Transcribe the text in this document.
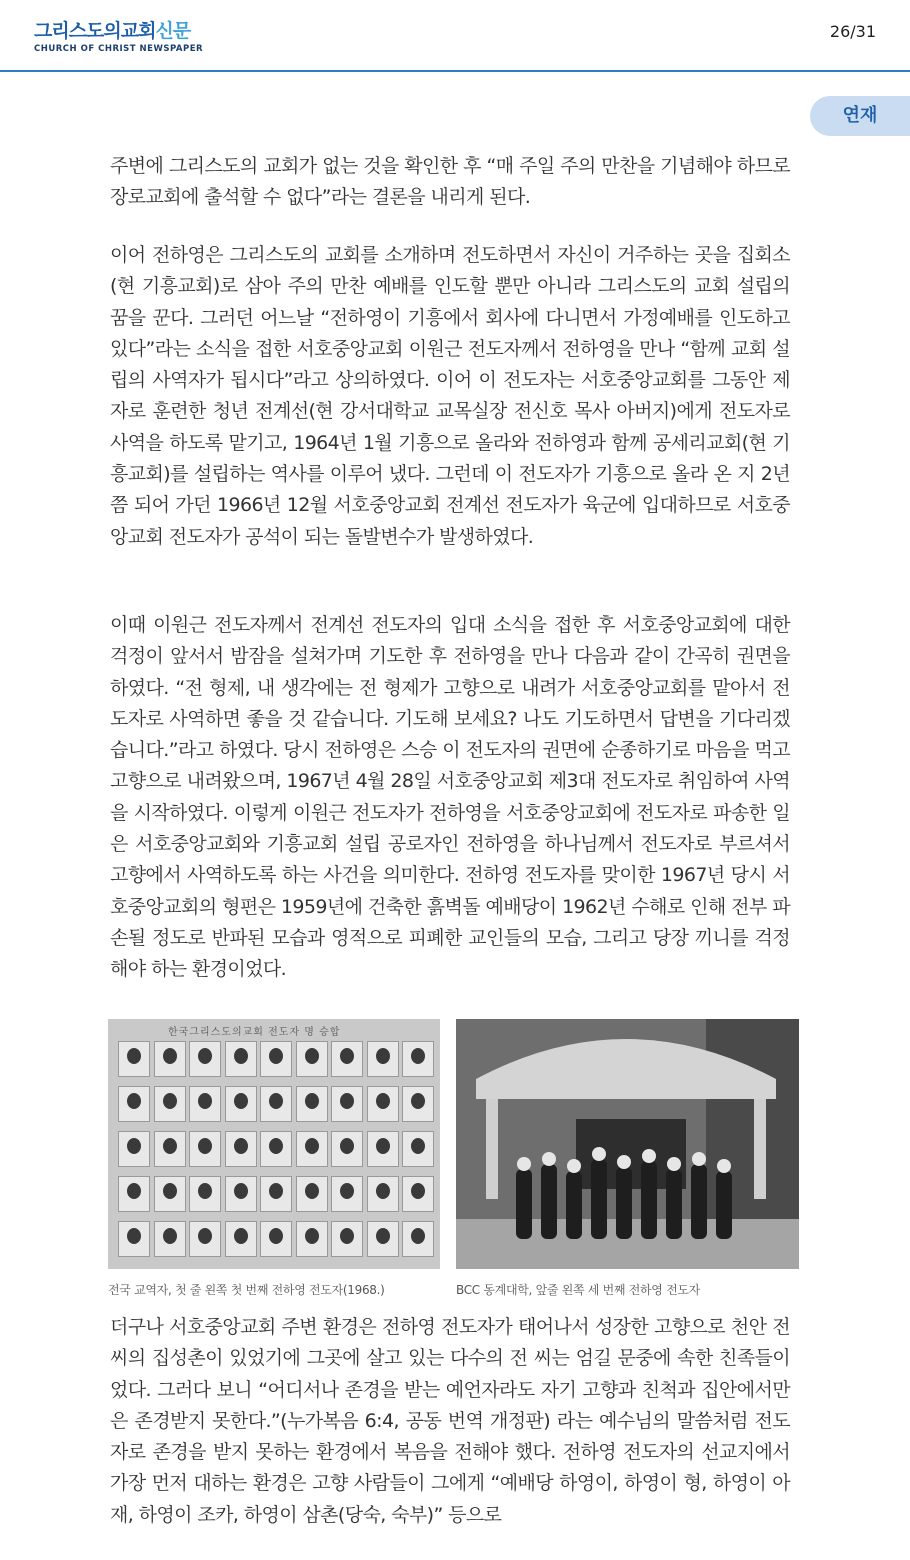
그리스도의교회신문
CHURCH OF CHRIST NEWSPAPER
26/31
연재

주변에 그리스도의 교회가 없는 것을 확인한 후 “매 주일 주의 만찬을 기념해야 하므로 장로교회에 출석할 수 없다”라는 결론을 내리게 된다.

이어 전하영은 그리스도의 교회를 소개하며 전도하면서 자신이 거주하는 곳을 집회소(현 기흥교회)로 삼아 주의 만찬 예배를 인도할 뿐만 아니라 그리스도의 교회 설립의 꿈을 꾼다. 그러던 어느날 “전하영이 기흥에서 회사에 다니면서 가정예배를 인도하고 있다”라는 소식을 접한 서호중앙교회 이원근 전도자께서 전하영을 만나 “함께 교회 설립의 사역자가 됩시다”라고 상의하였다. 이어 이 전도자는 서호중앙교회를 그동안 제자로 훈련한 청년 전계선(현 강서대학교 교목실장 전신호 목사 아버지)에게 전도자로 사역을 하도록 맡기고, 1964년 1월 기흥으로 올라와 전하영과 함께 공세리교회(현 기흥교회)를 설립하는 역사를 이루어 냈다. 그런데 이 전도자가 기흥으로 올라 온 지 2년쯤 되어 가던 1966년 12월 서호중앙교회 전계선 전도자가 육군에 입대하므로 서호중앙교회 전도자가 공석이 되는 돌발변수가 발생하였다.

이때 이원근 전도자께서 전계선 전도자의 입대 소식을 접한 후 서호중앙교회에 대한 걱정이 앞서서 밤잠을 설쳐가며 기도한 후 전하영을 만나 다음과 같이 간곡히 권면을 하였다. “전 형제, 내 생각에는 전 형제가 고향으로 내려가 서호중앙교회를 맡아서 전도자로 사역하면 좋을 것 같습니다. 기도해 보세요? 나도 기도하면서 답변을 기다리겠습니다.”라고 하였다. 당시 전하영은 스승 이 전도자의 권면에 순종하기로 마음을 먹고 고향으로 내려왔으며, 1967년 4월 28일 서호중앙교회 제3대 전도자로 취임하여 사역을 시작하였다. 이렇게 이원근 전도자가 전하영을 서호중앙교회에 전도자로 파송한 일은 서호중앙교회와 기흥교회 설립 공로자인 전하영을 하나님께서 전도자로 부르셔서 고향에서 사역하도록 하는 사건을 의미한다. 전하영 전도자를 맞이한 1967년 당시 서호중앙교회의 형편은 1959년에 건축한 흙벽돌 예배당이 1962년 수해로 인해 전부 파손될 정도로 반파된 모습과 영적으로 피폐한 교인들의 모습, 그리고 당장 끼니를 걱정해야 하는 환경이었다.

한국그리스도의교회 전도자 명 승합
전국 교역자, 첫 줄 왼쪽 첫 번째 전하영 전도자(1968.)	BCC 동계대학, 앞줄 왼쪽 세 번째 전하영 전도자

더구나 서호중앙교회 주변 환경은 전하영 전도자가 태어나서 성장한 고향으로 천안 전씨의 집성촌이 있었기에 그곳에 살고 있는 다수의 전 씨는 엄길 문중에 속한 친족들이었다. 그러다 보니 “어디서나 존경을 받는 예언자라도 자기 고향과 친척과 집안에서만은 존경받지 못한다.”(누가복음 6:4, 공동 번역 개정판) 라는 예수님의 말씀처럼 전도자로 존경을 받지 못하는 환경에서 복음을 전해야 했다. 전하영 전도자의 선교지에서 가장 먼저 대하는 환경은 고향 사람들이 그에게 “예배당 하영이, 하영이 형, 하영이 아재, 하영이 조카, 하영이 삼촌(당숙, 숙부)” 등으로
